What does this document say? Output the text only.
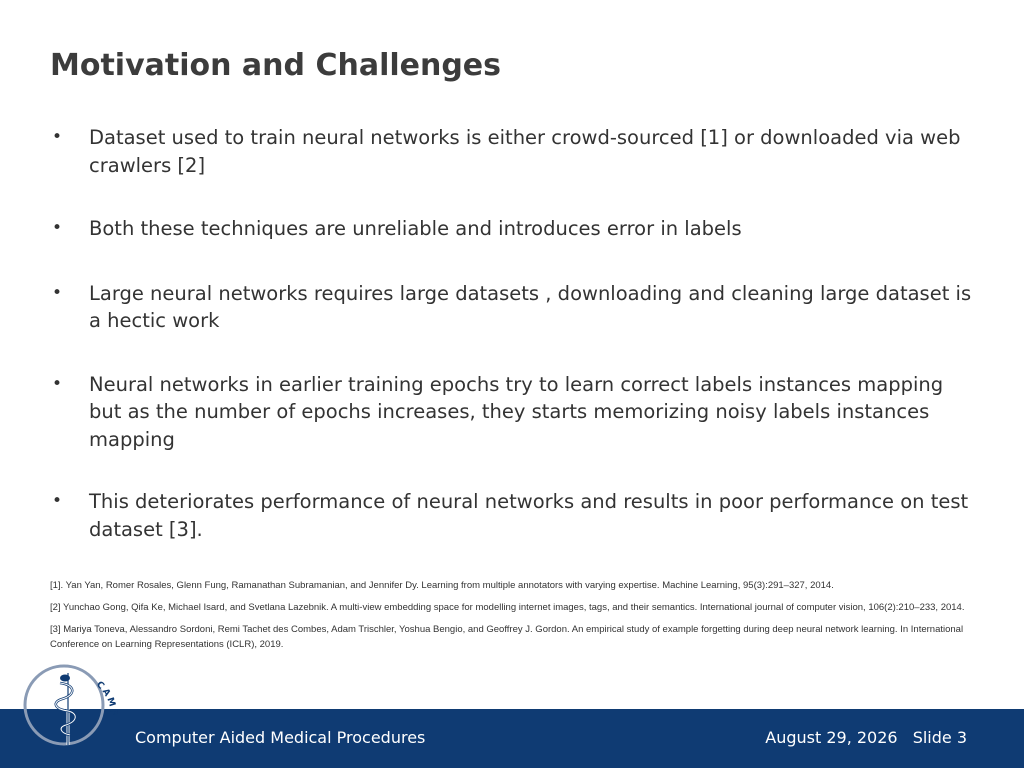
Motivation and Challenges
• Dataset used to train neural networks is either crowd-sourced [1] or downloaded via web crawlers [2]
• Both these techniques are unreliable and introduces error in labels
• Large neural networks requires large datasets , downloading and cleaning large dataset is a hectic work
• Neural networks in earlier training epochs try to learn correct labels instances mapping but as the number of epochs increases, they starts memorizing noisy labels instances mapping
• This deteriorates performance of neural networks and results in poor performance on test dataset [3].

[1]. Yan Yan, Romer Rosales, Glenn Fung, Ramanathan Subramanian, and Jennifer Dy. Learning from multiple annotators with varying expertise. Machine Learning, 95(3):291–327, 2014.

[2] Yunchao Gong, Qifa Ke, Michael Isard, and Svetlana Lazebnik. A multi-view embedding space for modelling internet images, tags, and their semantics. International journal of computer vision, 106(2):210–233, 2014.

[3] Mariya Toneva, Alessandro Sordoni, Remi Tachet des Combes, Adam Trischler, Yoshua Bengio, and Geoffrey J. Gordon. An empirical study of example forgetting during deep neural network learning. In International Conference on Learning Representations (ICLR), 2019.

Computer Aided Medical Procedures	August 29, 2026 Slide 3
CAMP
